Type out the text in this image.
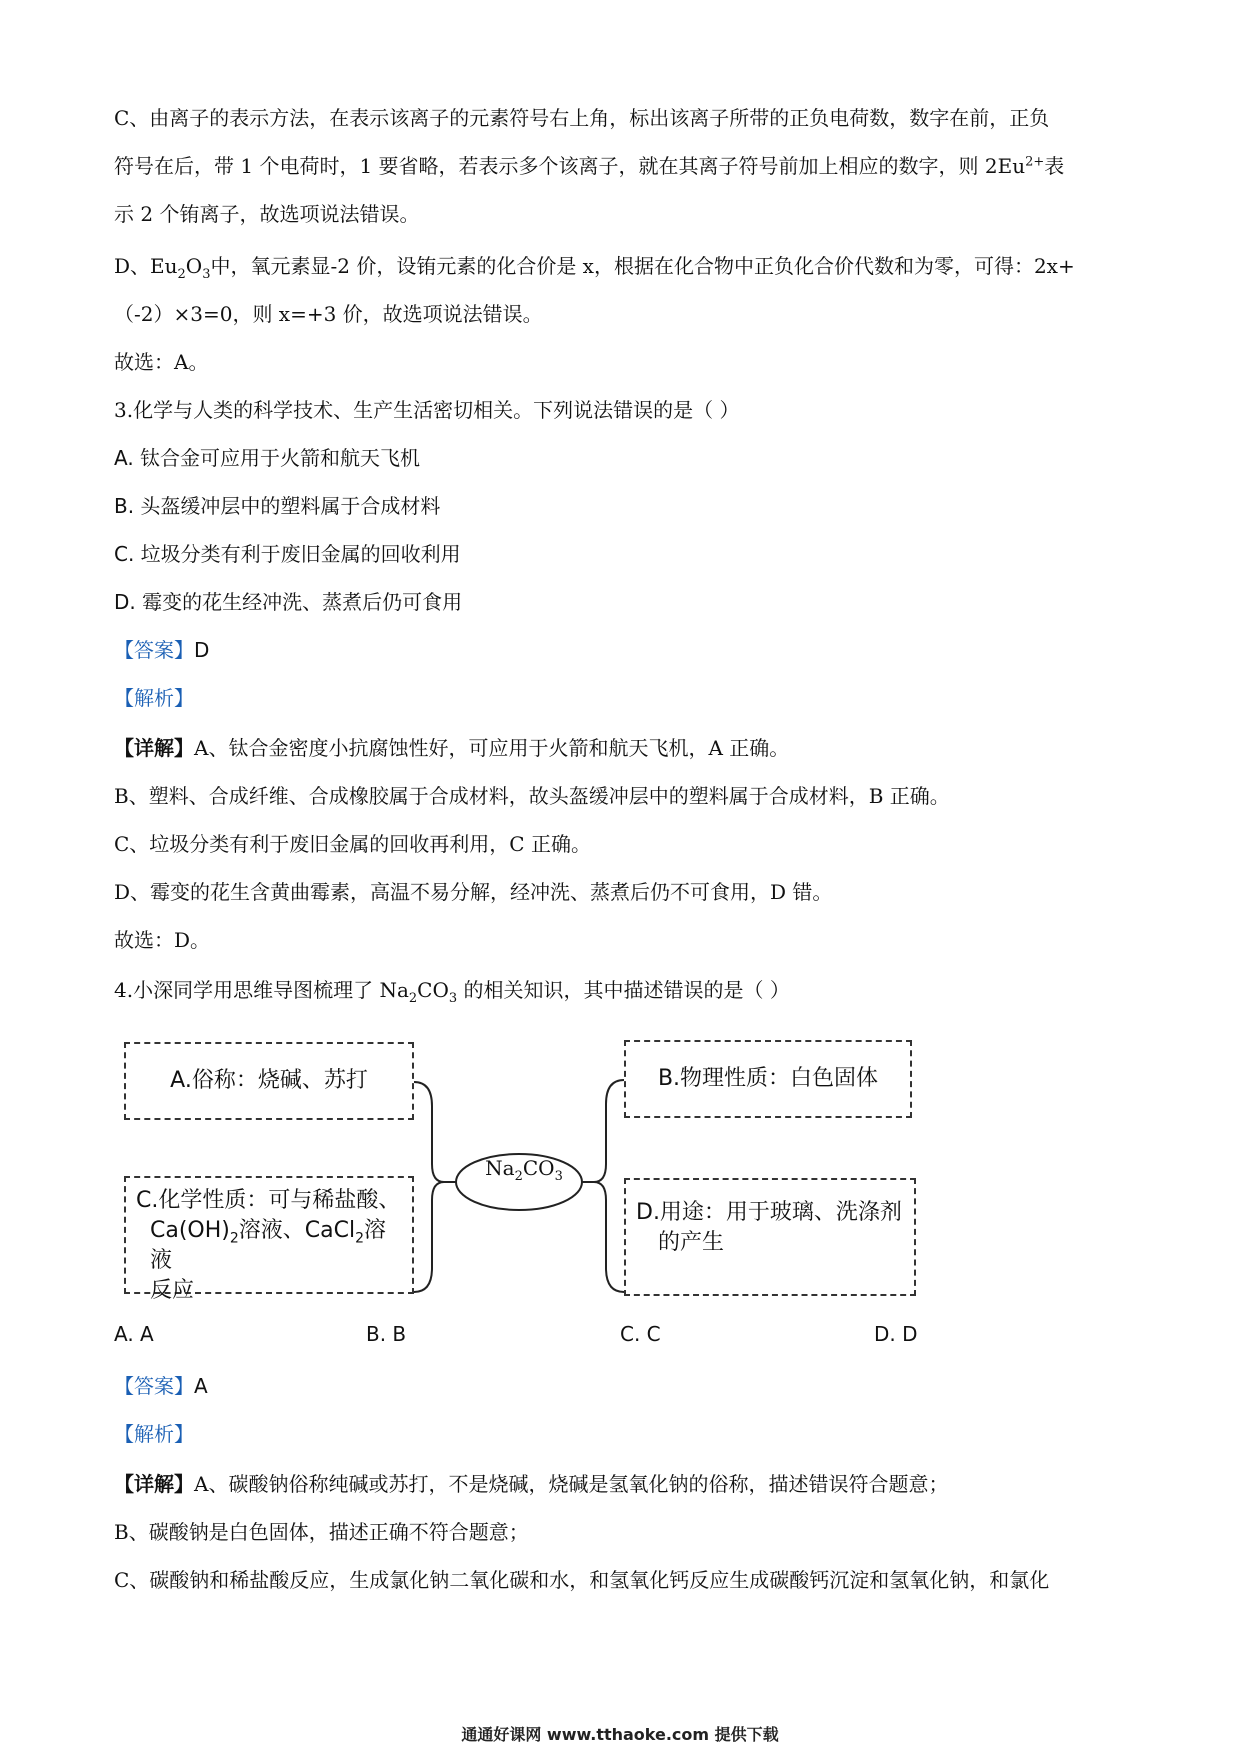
C、由离子的表示方法，在表示该离子的元素符号右上角，标出该离子所带的正负电荷数，数字在前，正负
符号在后，带 1 个电荷时，1 要省略，若表示多个该离子，就在其离子符号前加上相应的数字，则 $2Eu^{2+}$表
示 2 个铕离子，故选项说法错误。
D、$Eu_2O_3$中，氧元素显-2 价，设铕元素的化合价是 x，根据在化合物中正负化合价代数和为零，可得：2x+
（-2）×3=0，则 x=+3 价，故选项说法错误。
故选：A。
3.化学与人类的科学技术、生产生活密切相关。下列说法错误的是（ ）
A. 钛合金可应用于火箭和航天飞机
B. 头盔缓冲层中的塑料属于合成材料
C. 垃圾分类有利于废旧金属的回收利用
D. 霉变的花生经冲洗、蒸煮后仍可食用
【答案】D
【解析】
【详解】A、钛合金密度小抗腐蚀性好，可应用于火箭和航天飞机，A 正确。
B、塑料、合成纤维、合成橡胶属于合成材料，故头盔缓冲层中的塑料属于合成材料，B 正确。
C、垃圾分类有利于废旧金属的回收再利用，C 正确。
D、霉变的花生含黄曲霉素，高温不易分解，经冲洗、蒸煮后仍不可食用，D 错。
故选：D。
4.小深同学用思维导图梳理了 $Na_2CO_3$ 的相关知识，其中描述错误的是（ ）
$Na_2CO_3$
A.俗称：烧碱、苏打	B.物理性质：白色固体
C.化学性质：可与稀盐酸、
$Ca(OH)_2$溶液、CaCl$_2$溶液
反应
D.用途：用于玻璃、洗涤剂
的产生
A. A	B. B	C. C	D. D
【答案】A
【解析】
【详解】A、碳酸钠俗称纯碱或苏打，不是烧碱，烧碱是氢氧化钠的俗称，描述错误符合题意；
B、碳酸钠是白色固体，描述正确不符合题意；
C、碳酸钠和稀盐酸反应，生成氯化钠二氧化碳和水，和氢氧化钙反应生成碳酸钙沉淀和氢氧化钠，和氯化
通通好课网 www.tthaoke.com 提供下载
